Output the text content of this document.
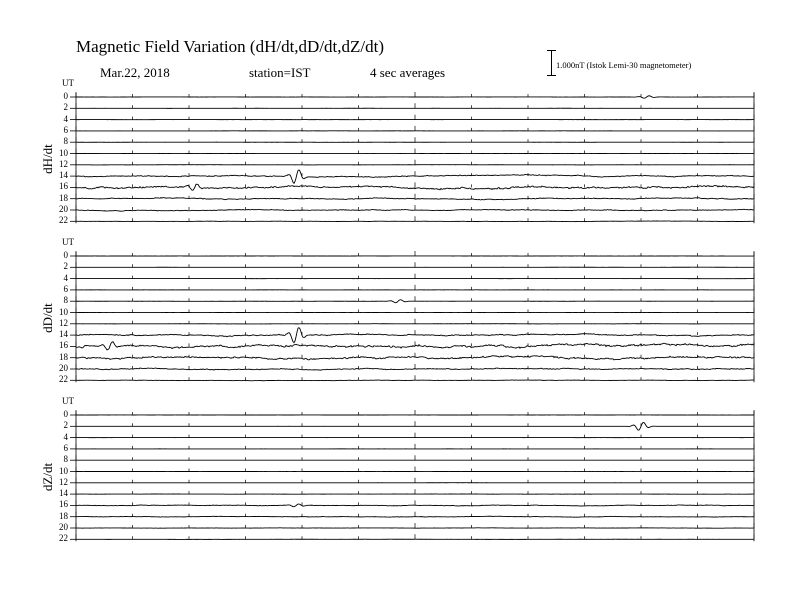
Magnetic Field Variation (dH/dt,dD/dt,dZ/dt)
Mar.22, 2018	station=IST	4 sec averages	1.000nT (Istok Lemi-30 magnetometer)
UT
dH/dt
0
2
4
6
8
10
12
14
16
18
20
22
UT
dD/dt
0
2
4
6
8
10
12
14
16
18
20
22
UT
dZ/dt
0
2
4
6
8
10
12
14
16
18
20
22
